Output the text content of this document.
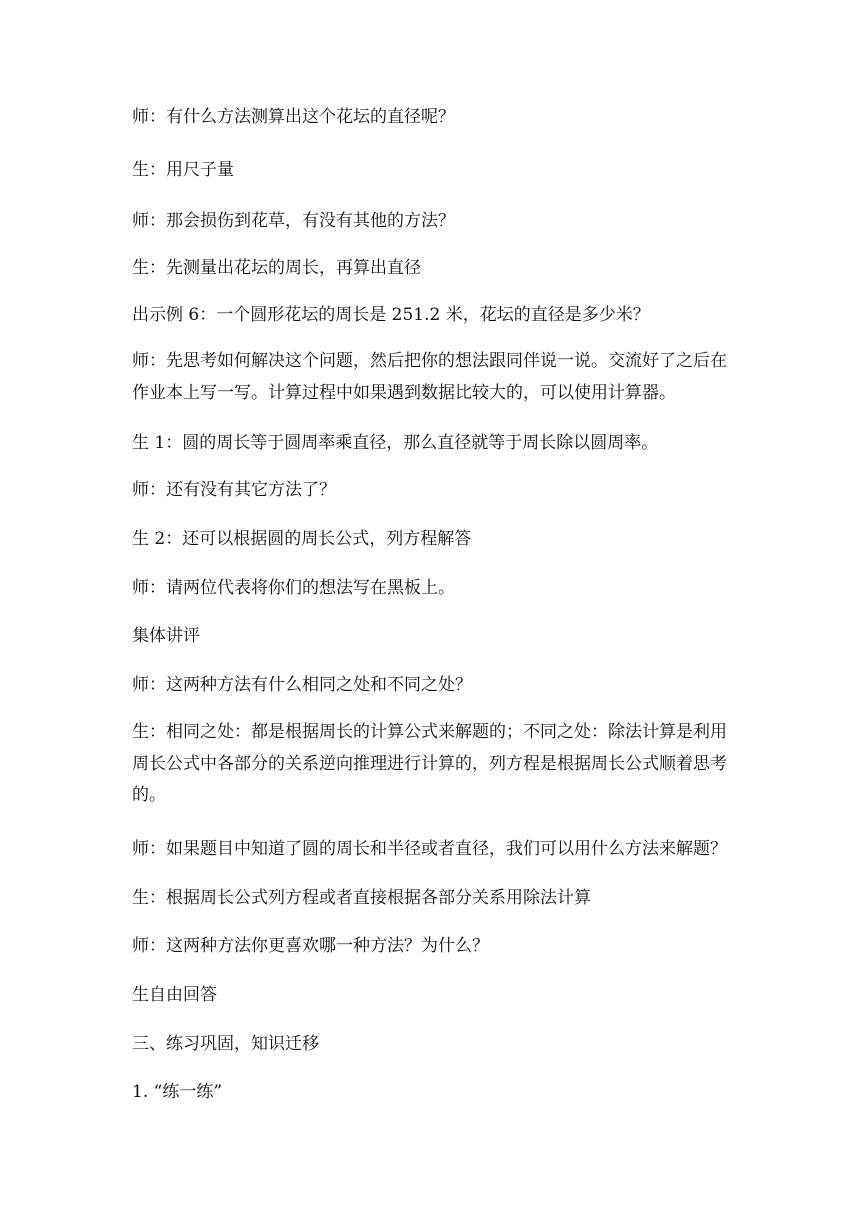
师：有什么方法测算出这个花坛的直径呢？

生：用尺子量

师：那会损伤到花草，有没有其他的方法？

生：先测量出花坛的周长，再算出直径

出示例 6：一个圆形花坛的周长是 251.2 米，花坛的直径是多少米？

师：先思考如何解决这个问题，然后把你的想法跟同伴说一说。交流好了之后在
作业本上写一写。计算过程中如果遇到数据比较大的，可以使用计算器。

生 1：圆的周长等于圆周率乘直径，那么直径就等于周长除以圆周率。

师：还有没有其它方法了？

生 2：还可以根据圆的周长公式，列方程解答

师：请两位代表将你们的想法写在黑板上。

集体讲评

师：这两种方法有什么相同之处和不同之处？

生：相同之处：都是根据周长的计算公式来解题的；不同之处：除法计算是利用
周长公式中各部分的关系逆向推理进行计算的，列方程是根据周长公式顺着思考
的。

师：如果题目中知道了圆的周长和半径或者直径，我们可以用什么方法来解题？

生：根据周长公式列方程或者直接根据各部分关系用除法计算

师：这两种方法你更喜欢哪一种方法？为什么？

生自由回答

三、练习巩固，知识迁移

1. “练一练”
